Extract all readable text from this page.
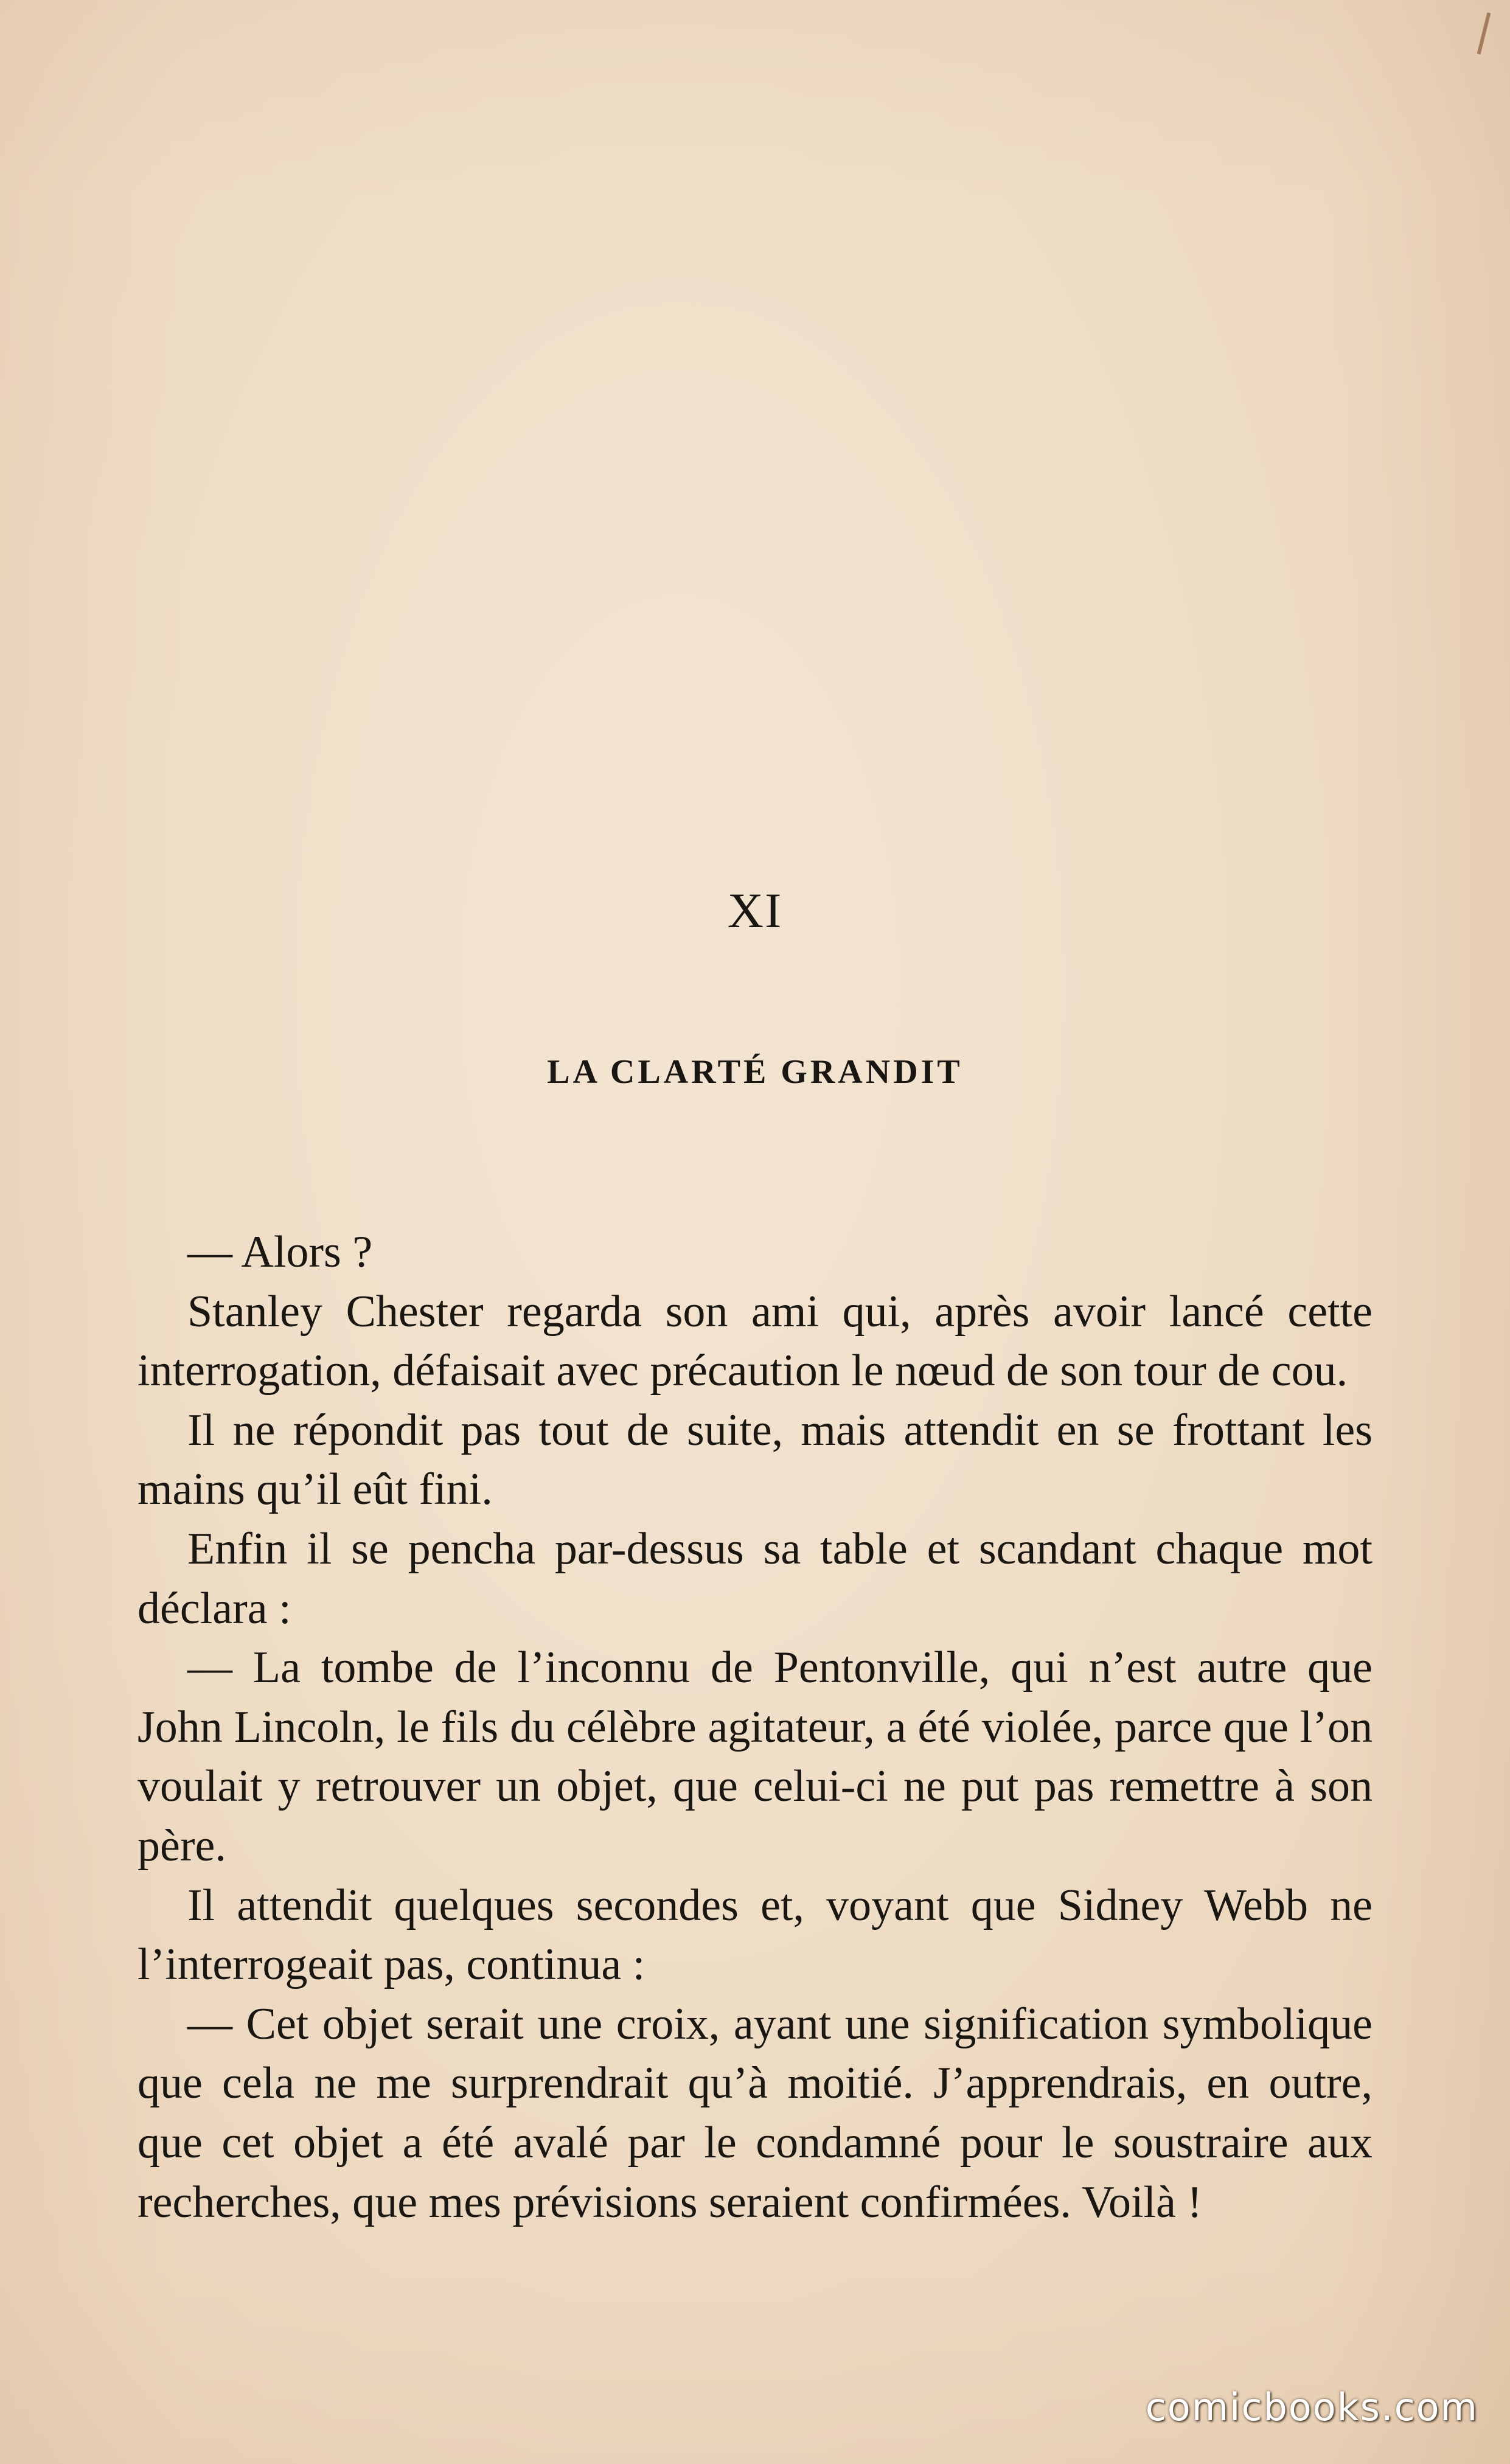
XI
LA CLARTÉ GRANDIT

— Alors ?

Stanley Chester regarda son ami qui, après avoir lancé cette interrogation, défaisait avec précaution le nœud de son tour de cou.

Il ne répondit pas tout de suite, mais attendit en se frottant les mains qu’il eût fini.

Enfin il se pencha par-dessus sa table et scandant chaque mot déclara :

— La tombe de l’inconnu de Pentonville, qui n’est autre que John Lincoln, le fils du célèbre agitateur, a été violée, parce que l’on voulait y retrouver un objet, que celui-ci ne put pas remettre à son père.

Il attendit quelques secondes et, voyant que Sidney Webb ne l’interrogeait pas, continua :

— Cet objet serait une croix, ayant une signification symbolique que cela ne me surprendrait qu’à moitié. J’apprendrais, en outre, que cet objet a été avalé par le condamné pour le soustraire aux recherches, que mes prévisions seraient confirmées. Voilà !

comicbooks.com
